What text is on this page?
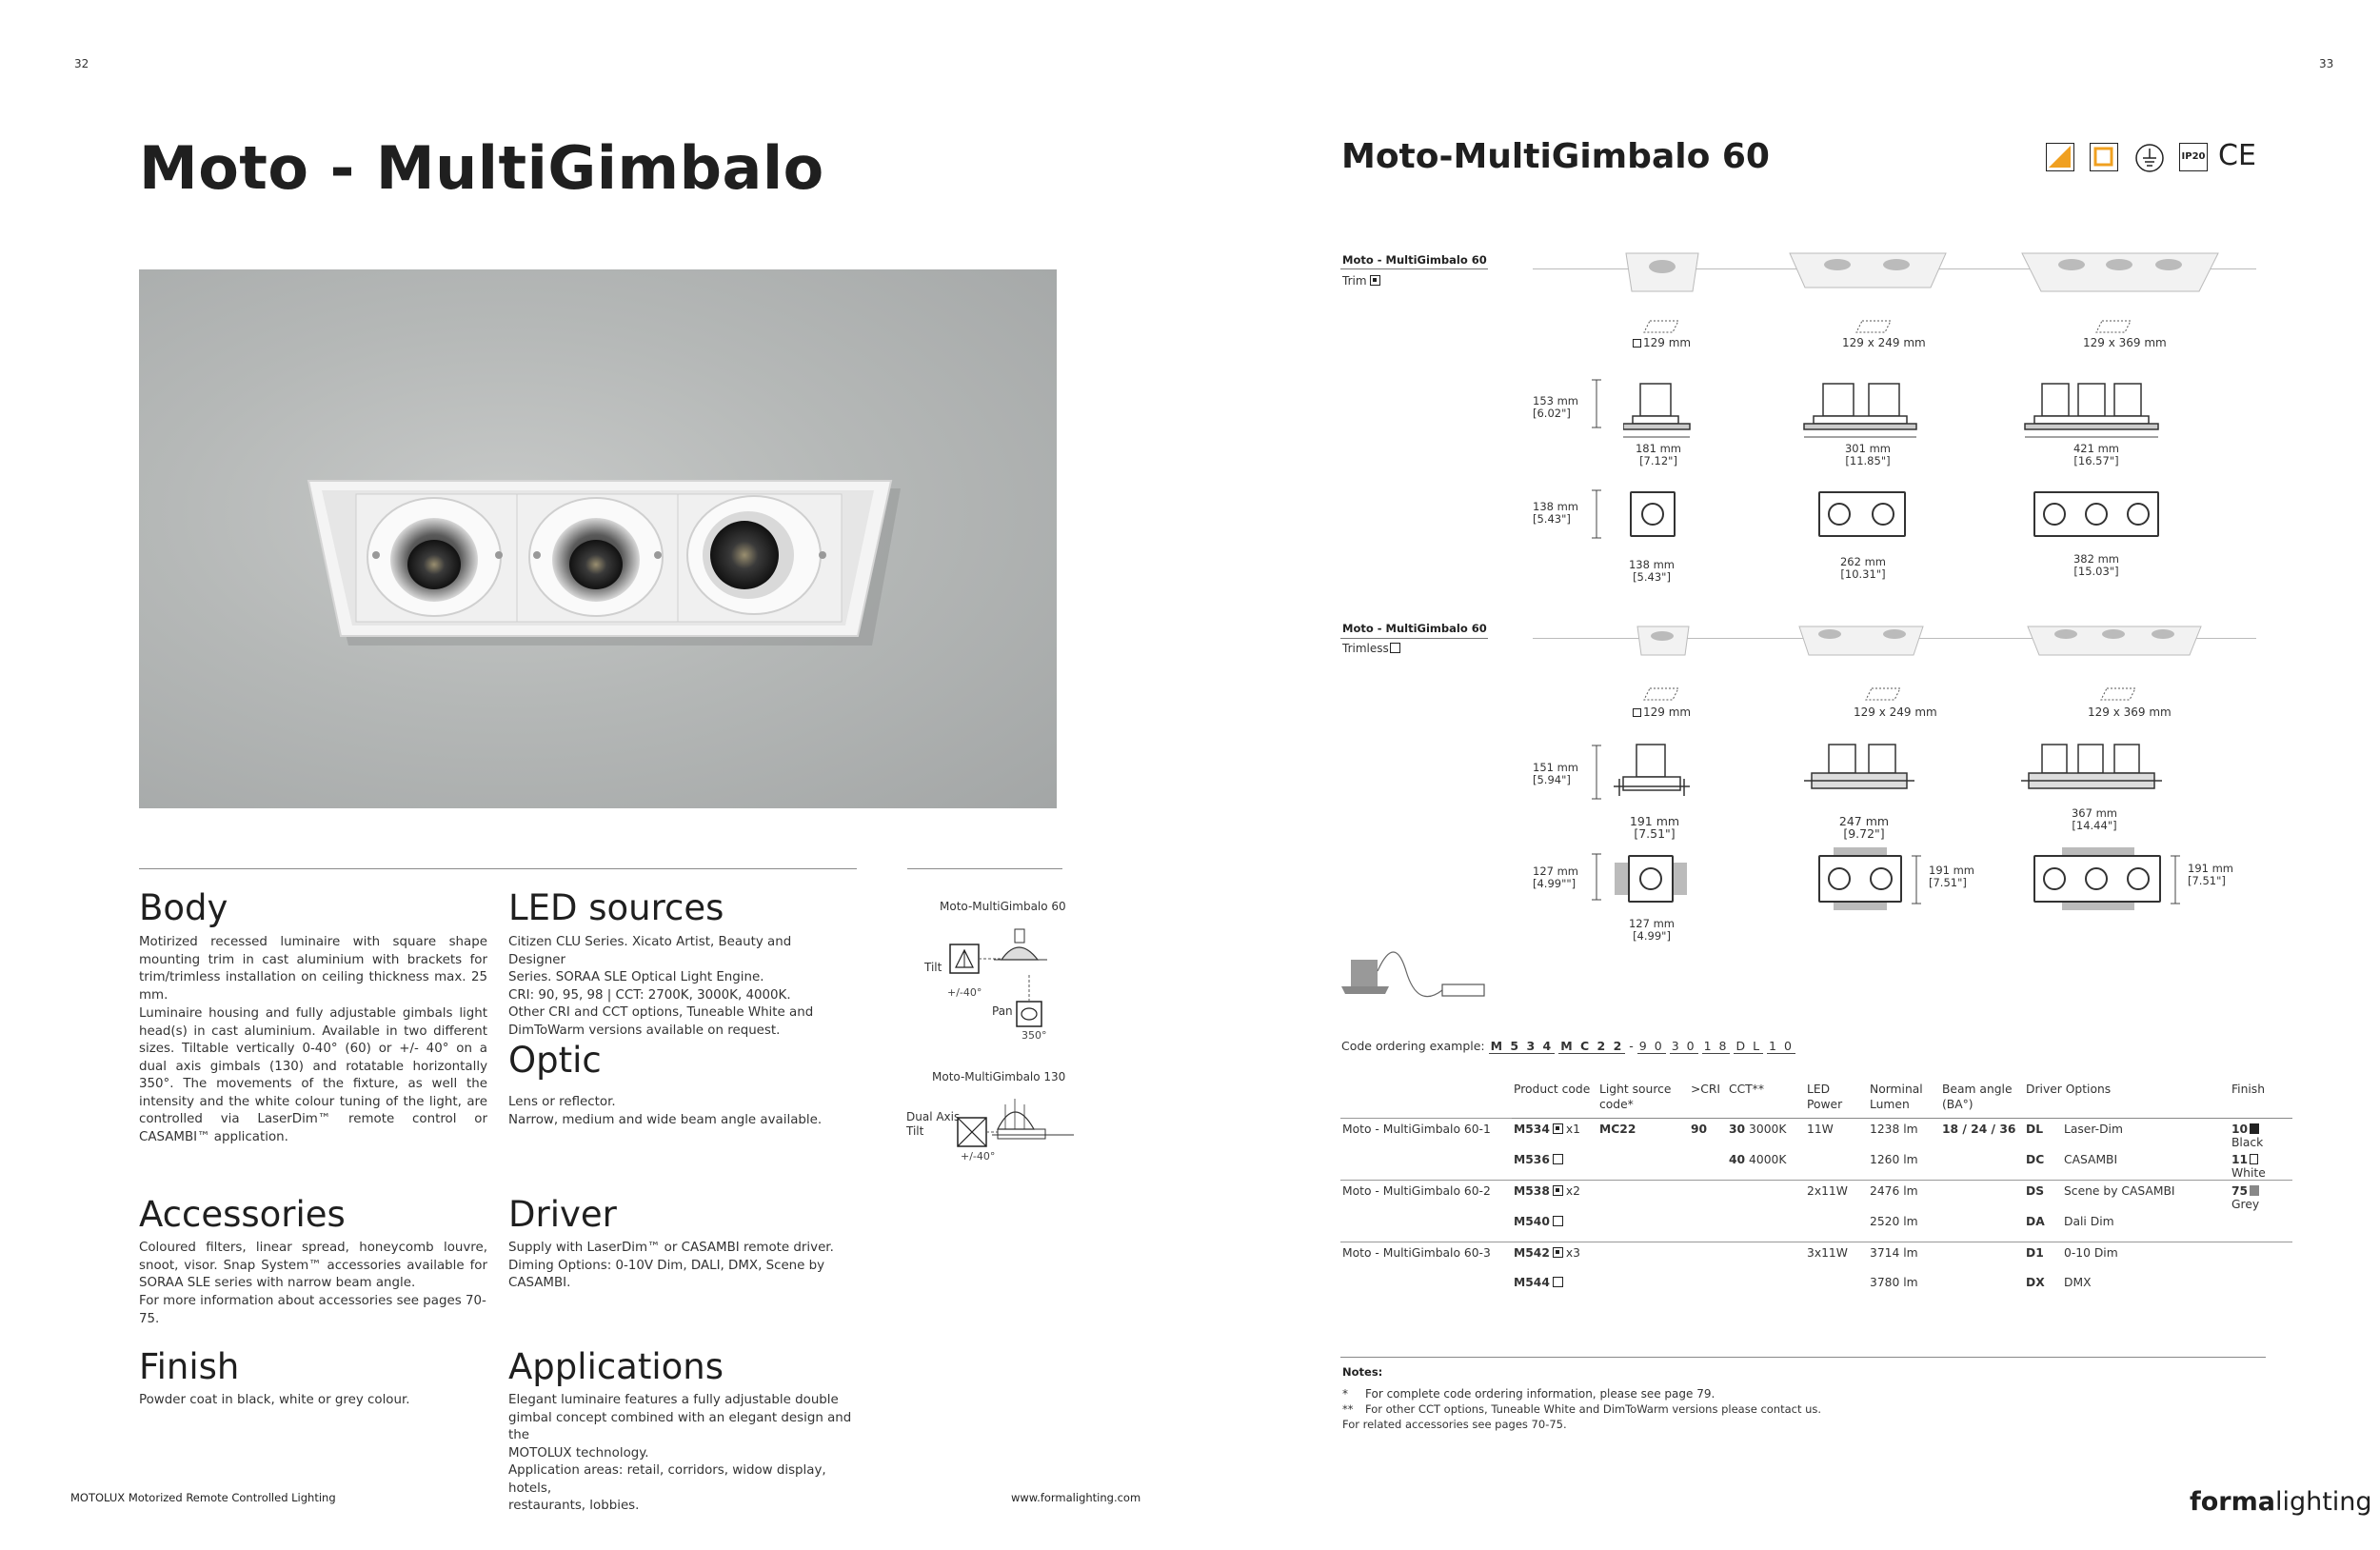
32
Moto - MultiGimbalo
Body
Motirized recessed luminaire with square shape mounting trim in cast aluminium with brackets for trim/trimless installation on ceiling thickness max. 25 mm.
Luminaire housing and fully adjustable gimbals light head(s) in cast aluminium. Available in two different sizes. Tiltable vertically 0-40° (60) or +/- 40° on a dual axis gimbals (130) and rotatable horizontally 350°. The movements of the fixture, as well the intensity and the white colour tuning of the light, are controlled via LaserDim™ remote control or CASAMBI™ application.
LED sources
Citizen CLU Series. Xicato Artist, Beauty and Designer
Series. SORAA SLE Optical Light Engine.
CRI: 90, 95, 98 | CCT: 2700K, 3000K, 4000K.
Other CRI and CCT options, Tuneable White and
DimToWarm versions available on request.
Optic
Lens or reflector.
Narrow, medium and wide beam angle available.
Accessories
Coloured filters, linear spread, honeycomb louvre, snoot, visor. Snap System™ accessories available for SORAA SLE series with narrow beam angle.
For more information about accessories see pages 70-75.
Driver
Supply with LaserDim™ or CASAMBI remote driver.
Diming Options: 0-10V Dim, DALI, DMX, Scene by CASAMBI.
Finish
Powder coat in black, white or grey colour.
Applications
Elegant luminaire features a fully adjustable double
gimbal concept combined with an elegant design and the
MOTOLUX technology.
Application areas: retail, corridors, widow display, hotels,
restaurants, lobbies.
Moto-MultiGimbalo 60
Tilt
+/-40°
Pan
350°
Moto-MultiGimbalo 130
Dual Axis
Tilt
+/-40°
MOTOLUX Motorized Remote Controlled Lighting	www.formalighting.com
33
Moto-MultiGimbalo 60	IP20 CE
Moto - MultiGimbalo 60
Trim
129 mm	129 x 249 mm	129 x 369 mm
153 mm
[6.02"]
181 mm
[7.12"]
301 mm
[11.85"]
421 mm
[16.57"]
138 mm
[5.43"]
138 mm
[5.43"]
262 mm
[10.31"]
382 mm
[15.03"]
Moto - MultiGimbalo 60
Trimless
129 mm	129 x 249 mm	129 x 369 mm
151 mm
[5.94"]
191 mm
[7.51"]
247 mm
[9.72"]
367 mm
[14.44"]
127 mm
[4.99""]
191 mm
[7.51"]
191 mm
[7.51"]
127 mm
[4.99"]
Code ordering example: M 5 3 4 M C 2 2 - 9 0 3 0 1 8 D L 1 0
	Product code	Light source code*	>CRI	CCT**	LED Power	Norminal Lumen	Beam angle (BA°)	Driver Options		Finish
Moto - MultiGimbalo 60-1	M534 x1	MC22	90	30 3000K	11W	1238 lm	18 / 24 / 36	DL	Laser-Dim	10Black
	M536			40 4000K		1260 lm		DC	CASAMBI	11White
Moto - MultiGimbalo 60-2	M538 x2				2x11W	2476 lm		DS	Scene by CASAMBI	75Grey
	M540					2520 lm		DA	Dali Dim	
Moto - MultiGimbalo 60-3	M542 x3				3x11W	3714 lm		D1	0-10 Dim	
	M544					3780 lm		DX	DMX	
Notes:
* For complete code ordering information, please see page 79.
** For other CCT options, Tuneable White and DimToWarm versions please contact us.
For related accessories see pages 70-75.
formalighting
